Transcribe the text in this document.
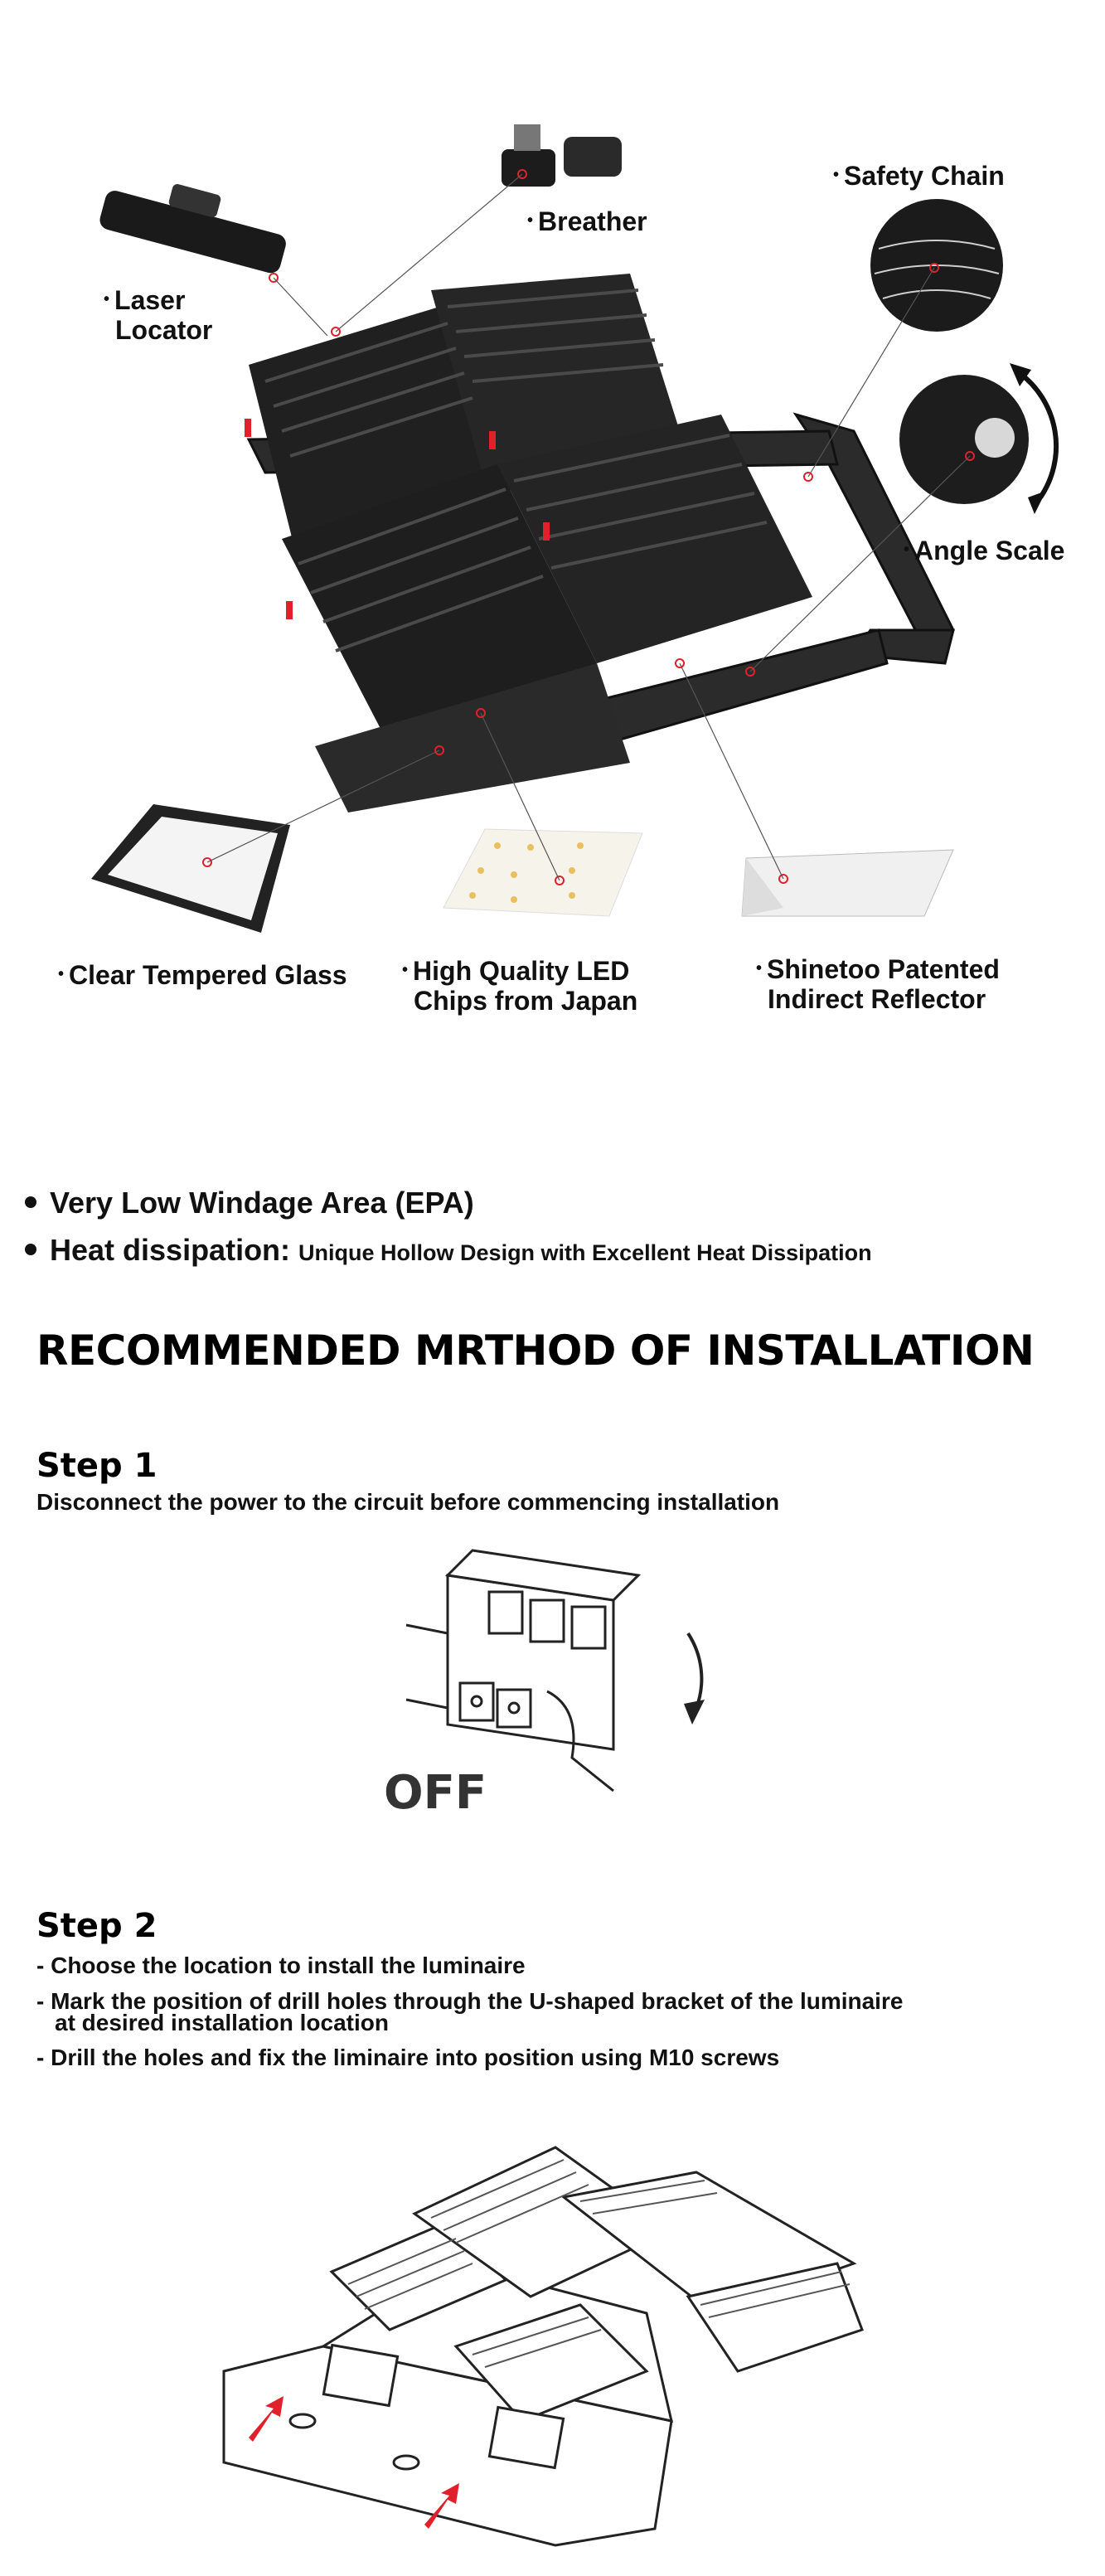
• Laser
Locator
• Breather
• Safety Chain
• Angle Scale
• Clear Tempered Glass	• High Quality LED
Chips from Japan
• Shinetoo Patented
Indirect Reflector
Very Low Windage Area (EPA)
Heat dissipation: Unique Hollow Design with Excellent Heat Dissipation
RECOMMENDED MRTHOD OF INSTALLATION
Step 1
Disconnect the power to the circuit before commencing installation
OFF
Step 2
- Choose the location to install the luminaire
- Mark the position of drill holes through the U-shaped bracket of the luminaire
at desired installation location
- Drill the holes and fix the liminaire into position using M10 screws
